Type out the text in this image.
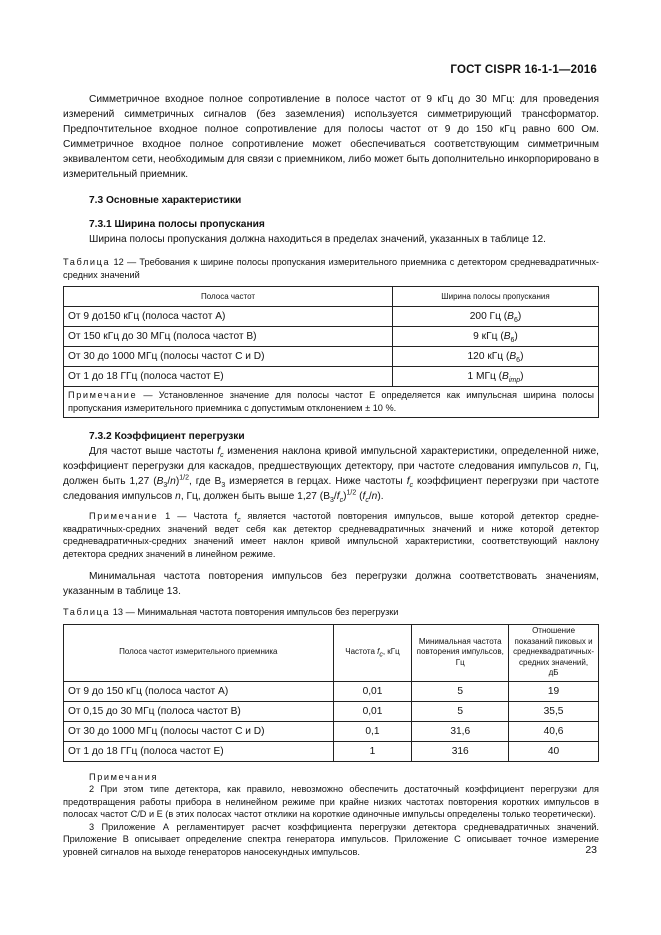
ГОСТ CISPR 16-1-1—2016

Симметричное входное полное сопротивление в полосе частот от 9 кГц до 30 МГц: для проведения измерений симметричных сигналов (без заземления) используется симметрирующий трансформатор. Предпочтительное входное полное сопротивление для полосы частот от 9 до 150 кГц равно 600 Ом. Симметричное входное полное сопротивление может обеспечиваться соответствующим симметричным эквивалентом сети, необходимым для связи с приемником, либо может быть дополнительно инкорпорировано в измерительный приемник.

7.3 Основные характеристики

7.3.1 Ширина полосы пропускания

Ширина полосы пропускания должна находиться в пределах значений, указанных в таблице 12.

Таблица 12 — Требования к ширине полосы пропускания измерительного приемника с детектором средневадратичных-средних значений

Полоса частот	Ширина полосы пропускания
От 9 до150 кГц (полоса частот А)	200 Гц $(B_6)$
От 150 кГц до 30 МГц (полоса частот В)	9 кГц $(B_6)$
От 30 до 1000 МГц (полосы частот С и D)	120 кГц $(B_6)$
От 1 до 18 ГГц (полоса частот Е)	1 МГц $(B_{imp})$
Примечание — Установленное значение для полосы частот Е определяется как импульсная ширина полосы пропускания измерительного приемника с допустимым отклонением ± 10 %.	

7.3.2 Коэффициент перегрузки

Для частот выше частоты $f_c$ изменения наклона кривой импульсной характеристики, определенной ниже, коэффициент перегрузки для каскадов, предшествующих детектору, при частоте следования импульсов n, Гц, должен быть 1,27 $(B_3/n)^{1/2}$, где $B_3$ измеряется в герцах. Ниже частоты $f_c$ коэффициент перегрузки при частоте следования импульсов n, Гц, должен быть выше 1,27 $(B_3/f_c)^{1/2}$ $(f_c/n)$.

Примечание 1 — Частота $f_c$ является частотой повторения импульсов, выше которой детектор средне-квадратичных-средних значений ведет себя как детектор средневадратичных значений и ниже которой детектор средневадратичных-средних значений имеет наклон кривой импульсной характеристики, соответствующий наклону детектора средних значений в линейном режиме.

Минимальная частота повторения импульсов без перегрузки должна соответствовать значениям, указанным в таблице 13.

Таблица 13 — Минимальная частота повторения импульсов без перегрузки

Полоса частот измерительного приемника	Частота $f_c$, кГц	Минимальная частота повторения импульсов, Гц	Отношение показаний пиковых и среднеквадратичных-средних значений, дБ
От 9 до 150 кГц (полоса частот А)	0,01	5	19
От 0,15 до 30 МГц (полоса частот В)	0,01	5	35,5
От 30 до 1000 МГц (полосы частот С и D)	0,1	31,6	40,6
От 1 до 18 ГГц (полоса частот Е)	1	316	40

Примечания

2 При этом типе детектора, как правило, невозможно обеспечить достаточный коэффициент перегрузки для предотвращения работы прибора в нелинейном режиме при крайне низких частотах повторения коротких импульсов в полосах частот С/D и Е (в этих полосах частот отклики на короткие одиночные импульсы определены только теоретически).

3 Приложение А регламентирует расчет коэффициента перегрузки детектора средневадратичных значений. Приложение В описывает определение спектра генератора импульсов. Приложение С описывает точное измерение уровней сигналов на выходе генераторов наносекундных импульсов.	23
